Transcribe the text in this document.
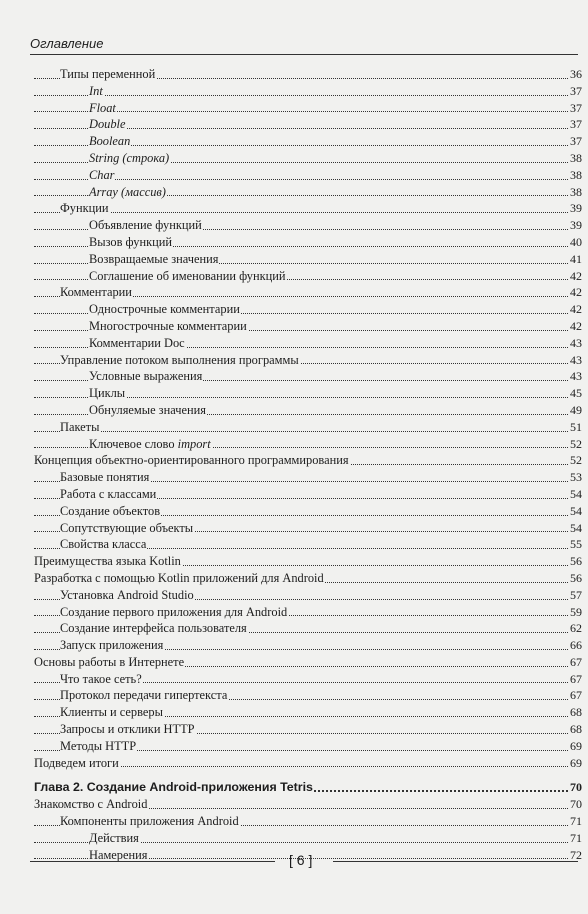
Оглавление
Типы переменной	36
Int	37
Float	37
Double	37
Boolean	37
String (строка)	38
Char	38
Array (массив)	38
Функции	39
Объявление функций	39
Вызов функций	40
Возвращаемые значения	41
Соглашение об именовании функций	42
Комментарии	42
Однострочные комментарии	42
Многострочные комментарии	42
Комментарии Doc	43
Управление потоком выполнения программы	43
Условные выражения	43
Циклы	45
Обнуляемые значения	49
Пакеты	51
Ключевое слово import	52
Концепция объектно-ориентированного программирования	52
Базовые понятия	53
Работа с классами	54
Создание объектов	54
Сопутствующие объекты	54
Свойства класса	55
Преимущества языка Kotlin	56
Разработка с помощью Kotlin приложений для Android	56
Установка Android Studio	57
Создание первого приложения для Android	59
Создание интерфейса пользователя	62
Запуск приложения	66
Основы работы в Интернете	67
Что такое сеть?	67
Протокол передачи гипертекста	67
Клиенты и серверы	68
Запросы и отклики HTTP	68
Методы HTTP	69
Подведем итоги	69
Глава 2. Создание Android-приложения Tetris	70
Знакомство с Android	70
Компоненты приложения Android	71
Действия	71
Намерения	72
[ 6 ]
